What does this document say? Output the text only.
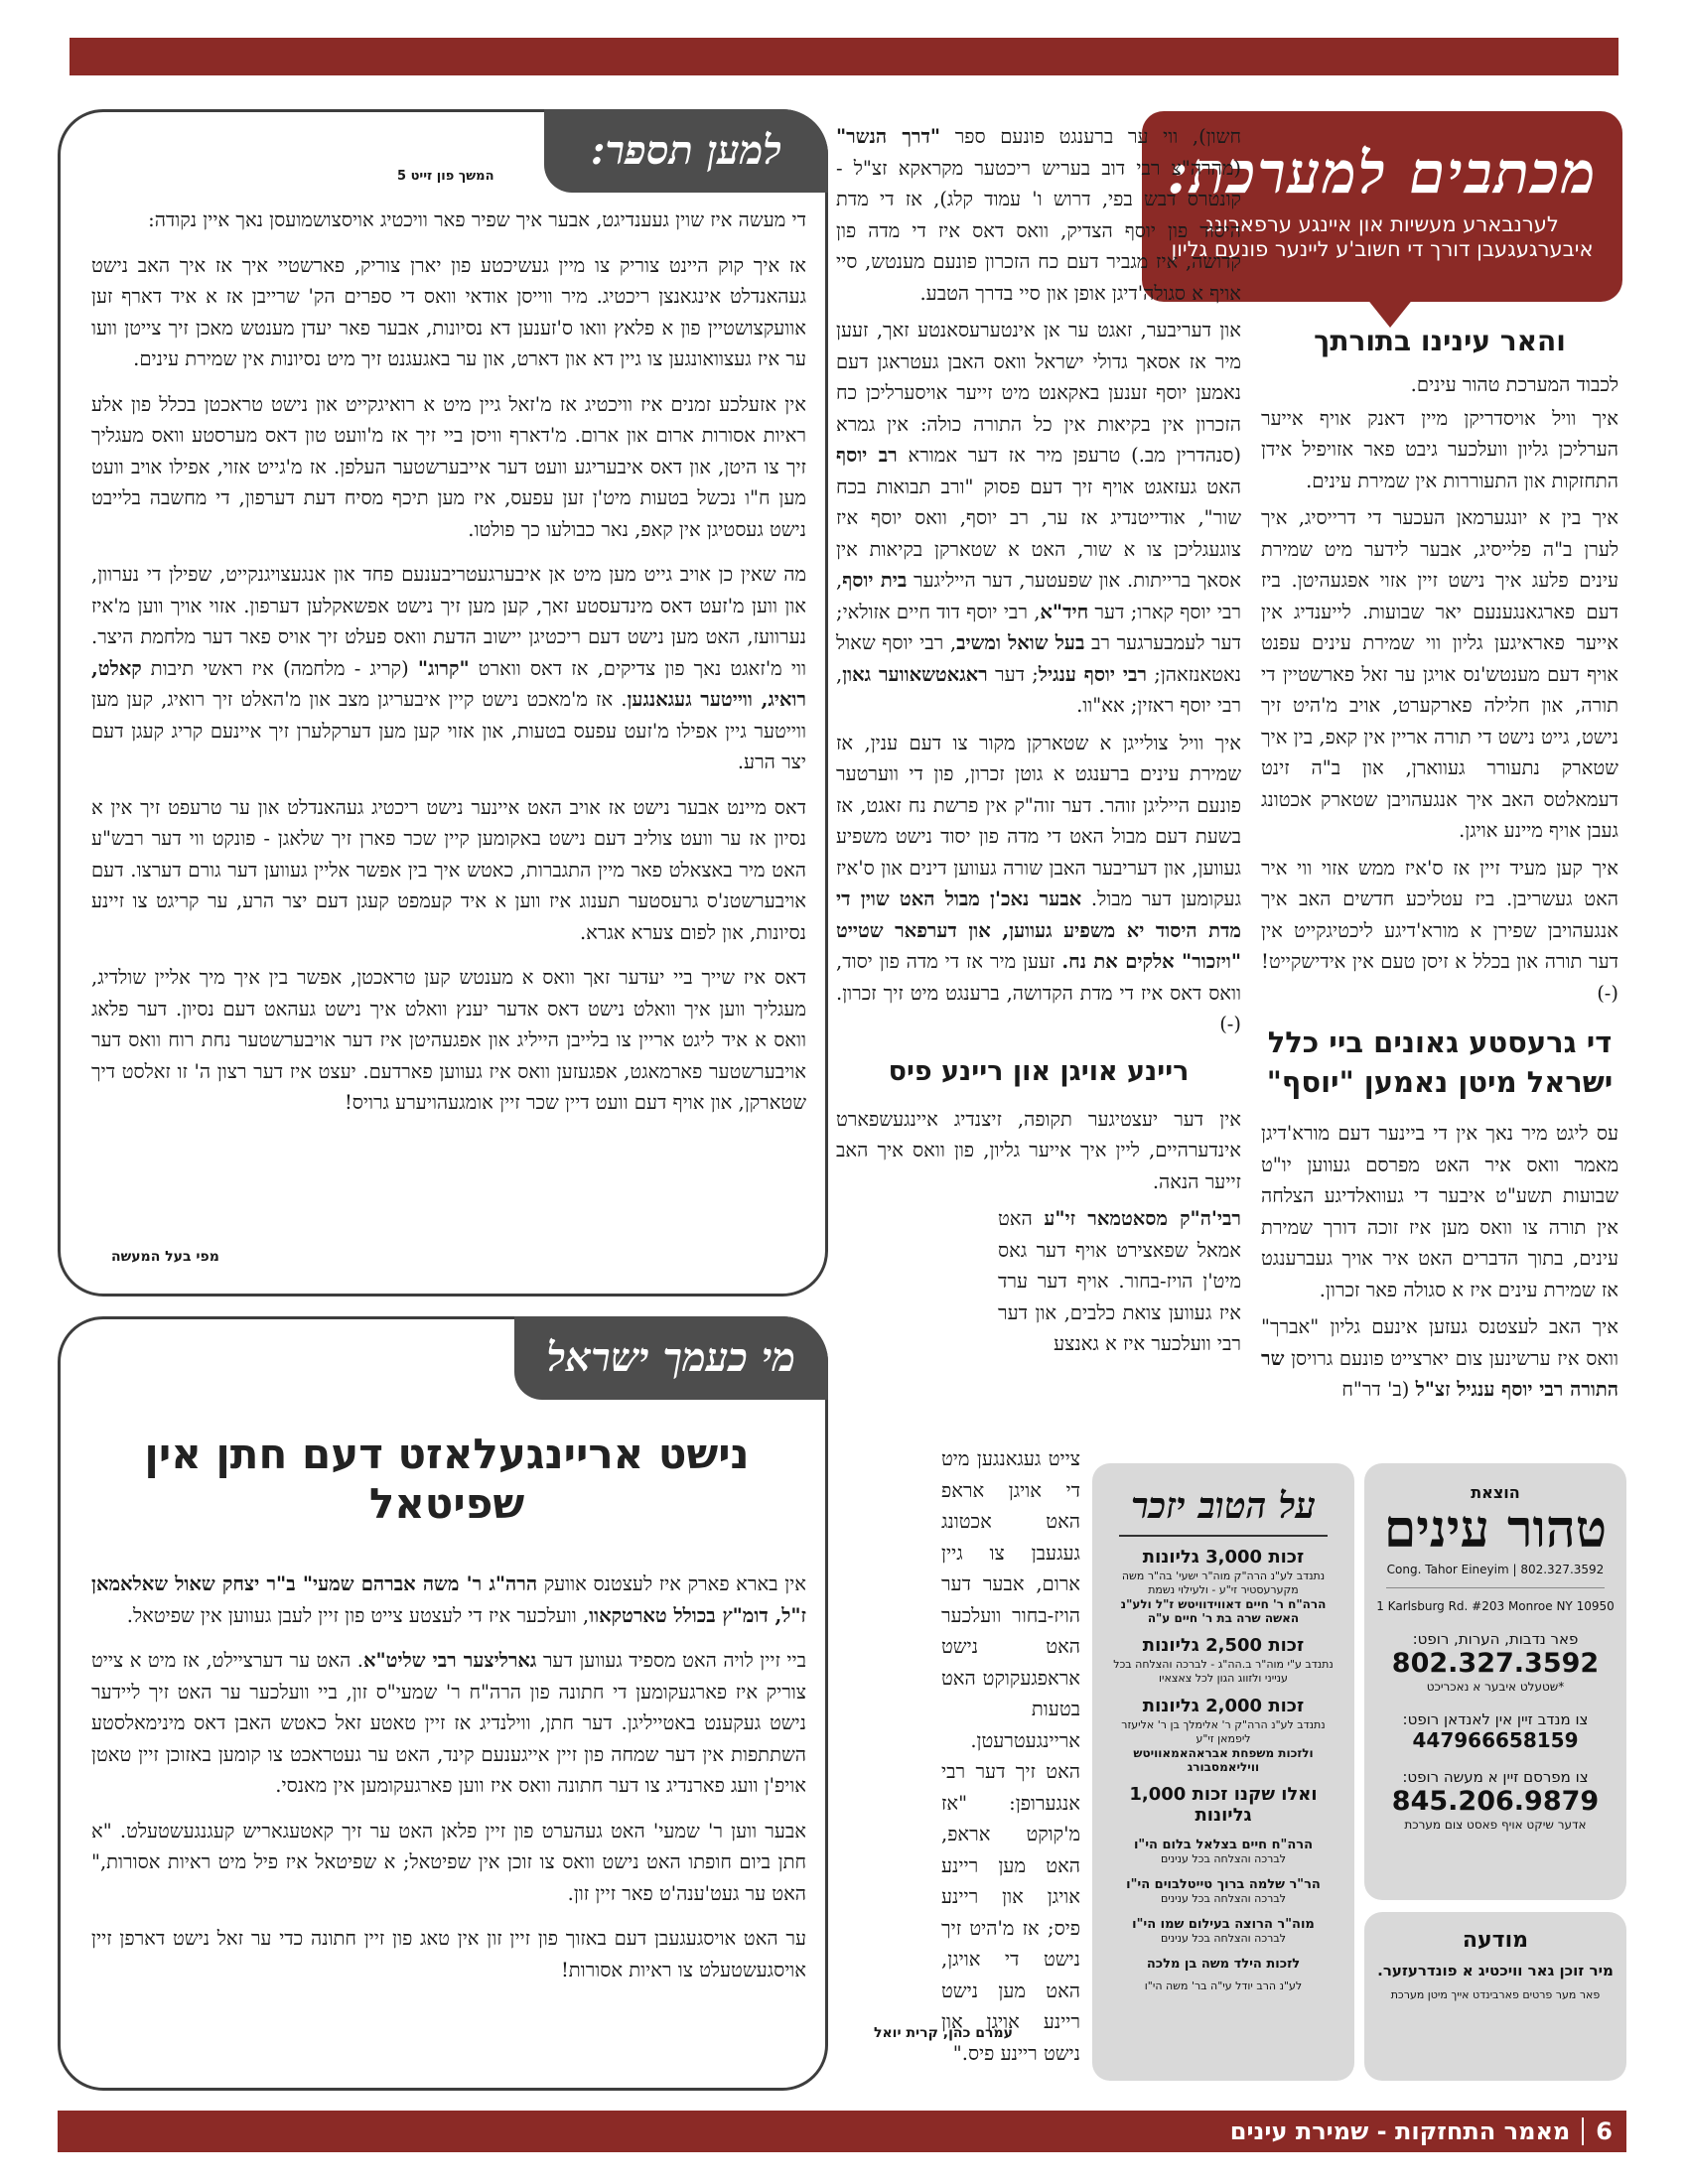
מכתבים למערכת:
לערנבארע מעשיות און איינגע ערפארונג איבערגעגעבן דורך די חשוב'ע ליינער פונעם גליון
והאר עינינו בתורתך

לכבוד המערכת טהור עינים.

איך וויל אויסדריקן מיין דאנק אויף אייער הערליכן גליון וועלכער גיבט פאר אזויפיל אידן התחזקות און התעוררות אין שמירת עינים.

איך בין א יונגערמאן העכער די דרייסיג, איך לערן ב"ה פלייסיג, אבער לידער מיט שמירת עינים פלעג איך נישט זיין אזוי אפגעהיטן. ביז דעם פארגאנגענעם יאר שבועות. לייענדיג אין אייער פאראיגען גליון ווי שמירת עינים עפנט אויף דעם מענטש'נס אויגן ער זאל פארשטיין די תורה, און חלילה פארקערט, אויב מ'היט זיך נישט, גייט נישט די תורה אריין אין קאפ, בין איך שטארק נתעורר געווארן, און ב"ה זינט דעמאלטס האב איך אנגעהויבן שטארק אכטונג געבן אויף מיינע אויגן.

איך קען מעיד זיין אז ס'איז ממש אזוי ווי איר האט געשריבן. ביז עטליכע חדשים האב איך אנגעהויבן שפירן א מורא'דיגע ליכטיגקייט אין דער תורה און בכלל א זיסן טעם אין אידישקייט! (-)

די גרעסטע גאונים ביי כלל ישראל מיטן נאמען "יוסף"

עס ליגט מיר נאך אין די ביינער דעם מורא'דיגן מאמר וואס איר האט מפרסם געווען יו"ט שבועות תשע"ט איבער די געוואלדיגע הצלחה אין תורה צו וואס מען איז זוכה דורך שמירת עינים, בתוך הדברים האט איר אויך געברענגט אז שמירת עינים איז א סגולה פאר זכרון.

איך האב לעצטנס געזען אינעם גליון "אברך" וואס איז ערשינען צום יארצייט פונעם גרויסן שר התורה רבי יוסף ענגיל זצ"ל (ב' דר"ח

חשון), ווי ער ברענגט פונעם ספר "דרך הנשר" (מהרה"צ רבי דוב בעריש ריכטער מקראקא זצ"ל - קונטרס דבש בפי, דרוש ו' עמוד קלג), אז די מדת היסוד פון יוסף הצדיק, וואס דאס איז די מדה פון קדושה, איז מגביר דעם כח הזכרון פונעם מענטש, סיי אויף א סגולה'דיגן אופן און סיי בדרך הטבע.

און דעריבער, זאגט ער אן אינטערעסאנטע זאך, זעען מיר אז אסאך גדולי ישראל וואס האבן געטראגן דעם נאמען יוסף זענען באקאנט מיט זייער אויסערליכן כח הזכרון אין בקיאות אין כל התורה כולה: אין גמרא (סנהדרין מב.) טרעפן מיר אז דער אמורא רב יוסף האט געזאגט אויף זיך דעם פסוק "ורב תבואות בכח שור", אודייטנדיג אז ער, רב יוסף, וואס יוסף איז צוגעגליכן צו א שור, האט א שטארקן בקיאות אין אסאך ברייתות. און שפעטער, דער הייליגער בית יוסף, רבי יוסף קארו; דער חיד"א, רבי יוסף דוד חיים אזולאי; דער לעמבערגער רב בעל שואל ומשיב, רבי יוסף שאול נאטאנזאהן; רבי יוסף ענגיל; דער ראגאטשאווער גאון, רבי יוסף ראזין; אא"וו.

איך וויל צולייגן א שטארקן מקור צו דעם ענין, אז שמירת עינים ברענגט א גוטן זכרון, פון די ווערטער פונעם הייליגן זוהר. דער זוה"ק אין פרשת נח זאגט, אז בשעת דעם מבול האט די מדה פון יסוד נישט משפיע געווען, און דעריבער האבן שורה געווען דינים און ס'איז געקומען דער מבול. אבער נאכ'ן מבול האט שוין די מדת היסוד יא משפיע געווען, און דערפאר שטייט "ויזכור" אלקים את נח. זעען מיר אז די מדה פון יסוד, וואס דאס איז די מדת הקדושה, ברענגט מיט זיך זכרון. (-)

ריינע אויגן און ריינע פיס

אין דער יעצטיגער תקופה, זיצנדיג איינגעשפארט אינדערהיים, ליין איך אייער גליון, פון וואס איך האב זייער הנאה.

רבי'ה"ק מסאטמאר זי"ע האט אמאל שפאצירט אויף דער גאס מיט'ן הויז-בחור. אויף דער ערד איז געווען צואת כלבים, און דער רבי וועלכער איז א גאנצע

צייט געגאנגען מיט די אויגן אראפ האט אכטונג געגעבן צו גיין ארום, אבער דער הויז-בחור וועלכער האט נישט אראפגעקוקט האט בטעות אריינגעטרעטן. האט זיך דער רבי אנגערופן: "אז מ'קוקט אראפ, האט מען ריינע אויגן און ריינע פיס; אז מ'היט זיך נישט די אויגן, האט מען נישט ריינע אויגן און נישט ריינע פיס."
עמרם כהן, קרית יואל
למען תספר:
המשך פון זייט 5

די מעשה איז שוין געענדיגט, אבער איך שפיר פאר וויכטיג אויסצושמועסן נאך איין נקודה:

אז איך קוק היינט צוריק צו מיין געשיכטע פון יארן צוריק, פארשטיי איך אז איך האב נישט געהאנדלט אינגאנצן ריכטיג. מיר ווייסן אודאי וואס די ספרים הק' שרייבן אז א איד דארף זען אוועקצושטיין פון א פלאץ וואו ס'זענען דא נסיונות, אבער פאר יעדן מענטש מאכן זיך צייטן וועו ער איז געצוואונגען צו גיין דא און דארט, און ער באגעגנט זיך מיט נסיונות אין שמירת עינים.

אין אזעלכע זמנים איז וויכטיג אז מ'זאל גיין מיט א רואיגקייט און נישט טראכטן בכלל פון אלע ראיות אסורות ארום און ארום. מ'דארף וויסן ביי זיך אז מ'וועט טון דאס מערסטע וואס מעגליך זיך צו היטן, און דאס איבעריגע וועט דער אייבערשטער העלפן. אז מ'גייט אזוי, אפילו אויב וועט מען ח"ו נכשל בטעות מיט'ן זען עפעס, איז מען תיכף מסיח דעת דערפון, די מחשבה בלייבט נישט געסטיגן אין קאפ, נאר כבולעו כך פולטו.

מה שאין כן אויב גייט מען מיט אן איבערגעטריבענעם פחד און אנגעצויגנקייט, שפילן די נערוון, און ווען מ'זעט דאס מינדעסטע זאך, קען מען זיך נישט אפשאקלען דערפון. אזוי אויך ווען מ'איז נערוועז, האט מען נישט דעם ריכטיגן יישוב הדעת וואס פעלט זיך אויס פאר דער מלחמת היצר. ווי מ'זאגט נאך פון צדיקים, אז דאס ווארט "קרוג" (קריג - מלחמה) איז ראשי תיבות קאלט, רואיג, ווייטער געגאנגען. אז מ'מאכט נישט קיין איבעריגן מצב און מ'האלט זיך רואיג, קען מען ווייטער גיין אפילו מ'זעט עפעס בטעות, און אזוי קען מען דערקלערן זיך איינעם קריג קעגן דעם יצר הרע.

דאס מיינט אבער נישט אז אויב האט איינער נישט ריכטיג געהאנדלט און ער טרעפט זיך אין א נסיון אז ער וועט צוליב דעם נישט באקומען קיין שכר פארן זיך שלאגן - פונקט ווי דער רבש"ע האט מיר באצאלט פאר מיין התגברות, כאטש איך בין אפשר אליין געווען דער גורם דערצו. דעם אויבערשטנ'ס גרעסטער תענוג איז ווען א איד קעמפט קעגן דעם יצר הרע, ער קריגט צו זיינע נסיונות, און לפום צערא אגרא.

דאס איז שייך ביי יעדער זאך וואס א מענטש קען טראכטן, אפשר בין איך מיך אליין שולדיג, מעגליך ווען איך וואלט נישט דאס אדער יענץ וואלט איך נישט געהאט דעם נסיון. דער פלאג וואס א איד ליגט אריין צו בלייבן הייליג און אפגעהיטן איז דער אויבערשטער נחת רוח וואס דער אויבערשטער פארמאגט, אפגעזען וואס איז געווען פארדעם. יעצט איז דער רצון ה' זו זאלסט דיך שטארקן, און אויף דעם וועט דיין שכר זיין אומגעהויערע גרויס!

מפי בעל המעשה
מי כעמך ישראל
נישט אריינגעלאזט דעם חתן אין שפיטאל

אין בארא פארק איז לעצטנס אוועק הרה"ג ר' משה אברהם שמעי" ב"ר יצחק שאול שאלאמאן ז"ל, דומ"ץ בכולל טארטקאוו, וועלכער איז די לעצטע צייט פון זיין לעבן געווען אין שפיטאל.

ביי זיין לויה האט מספיד געווען דער גארליצער רבי שליט"א. האט ער דערציילט, אז מיט א צייט צוריק איז פארגעקומען די חתונה פון הרה"ח ר' שמעי"ס זון, ביי וועלכער ער האט זיך ליידער נישט געקענט באטייליגן. דער חתן, ווילנדיג אז זיין טאטע זאל כאטש האבן דאס מינימאלסטע השתתפות אין דער שמחה פון זיין אייגענעם קינד, האט ער געטראכט צו קומען באזוכן זיין טאטן אויפ'ן וועג פארנדיג צו דער חתונה וואס איז ווען פארגעקומען אין מאנסי.

אבער ווען ר' שמעי' האט געהערט פון זיין פלאן האט ער זיך קאטעגאריש קעגנגעשטעלט. "א חתן ביום חופתו האט נישט וואס צו זוכן אין שפיטאל; א שפיטאל איז פיל מיט ראיות אסורות," האט ער געט'ענה'ט פאר זיין זון.

ער האט אויסגעגעבן דעם באזוך פון זיין זון אין טאג פון זיין חתונה כדי ער זאל נישט דארפן זיין אויסגעשטעלט צו ראיות אסורות!

על הטוב יזכר
זכות 3,000 גליונות
נתנדב לע"נ הרה"ק מוה"ר ישעי' בה"ר משה מקערעסטיר זי"ע - ולעילוי נשמת
הרה"ח ר' חיים דאווידוויטש ז"ל ולע"נ האשה שרה בת ר' חיים ע"ה
זכות 2,500 גליונות
נתנדב ע"י מוה"ר ב.הה"ג - לברכה והצלחה בכל ענייני ולזווג הגון לכל צאצאיו
זכות 2,000 גליונות
נתנדב לע"נ הרה"ק ר' אלימלך בן ר' אליעזר ליפמאן זי"ע
ולזכות משפחת אבראהאמאוויטש וויליאמסבורג
ואלו שקנו זכות 1,000 גליונות
הרה"ח חיים בצלאל בלום הי"ו
לברכה והצלחה בכל ענינים
הר"ר שלמה ברוך טייטלבוים הי"ו
לברכה והצלחה בכל ענינים
מוה"ר הרוצה בעילום שמו הי"ו
לברכה והצלחה בכל ענינים
לזכות הילד משה בן מלכה
לע"נ הרב יודל עי"ה בר' משה הי"ו
הוצאת
טהור עינים
Cong. Tahor Eineyim | 802.327.3592
1 Karlsburg Rd. #203 Monroe NY 10950
פאר נדבות, הערות, רופט:
802.327.3592
*שטעלט איבער א נאכריכט
צו מנדב זיין אין לאנדאן רופט:
447966658159
צו מפרסם זיין א מעשה רופט:
845.206.9879
אדער שיקט אויף פאסט צום מערכת
מודעה
מיר זוכן גאר וויכטיג א פונדרעזער.
פאר מער פרטים פארבינדט אייך מיטן מערכת
6
מאמר התחזקות - שמירת עינים
